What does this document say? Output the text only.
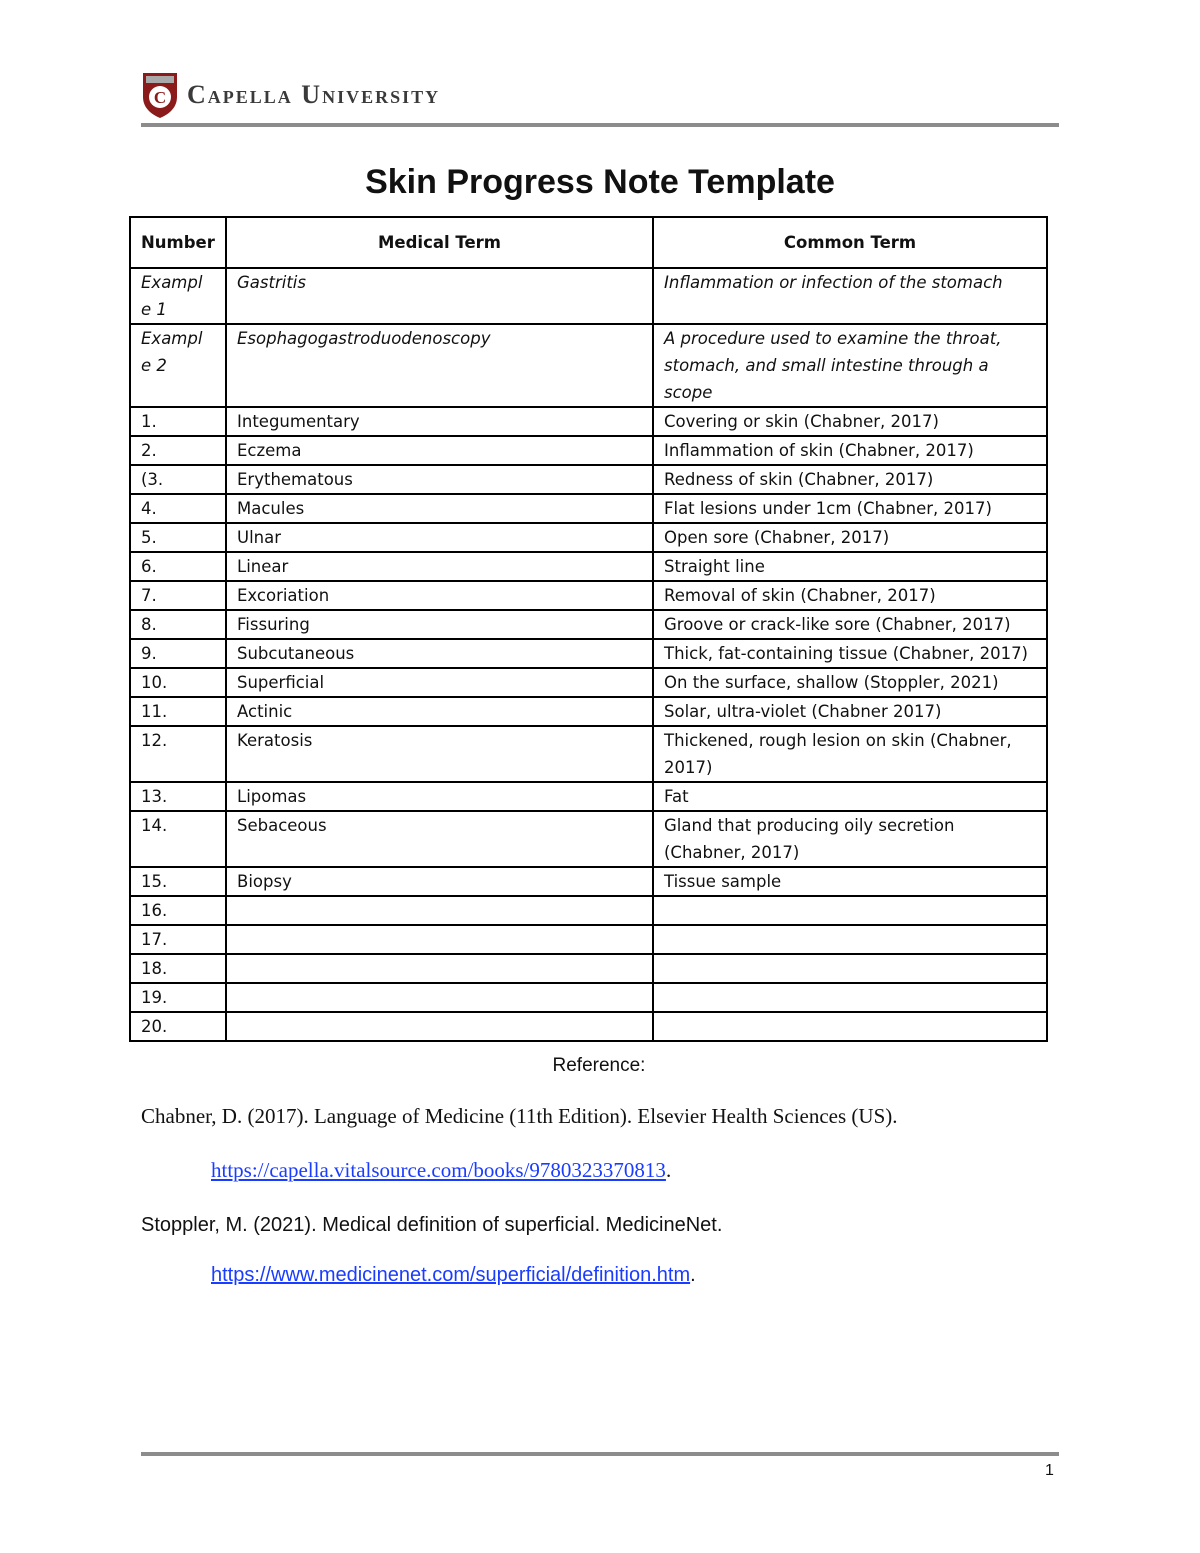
C Capella University
Skin Progress Note Template
Number	Medical Term	Common Term
Exampl e 1	Gastritis	Inflammation or infection of the stomach
Exampl e 2	Esophagogastroduodenoscopy	A procedure used to examine the throat, stomach, and small intestine through a scope
1.	Integumentary	Covering or skin (Chabner, 2017)
2.	Eczema	Inflammation of skin (Chabner, 2017)
(3.	Erythematous	Redness of skin (Chabner, 2017)
4.	Macules	Flat lesions under 1cm (Chabner, 2017)
5.	Ulnar	Open sore (Chabner, 2017)
6.	Linear	Straight line
7.	Excoriation	Removal of skin (Chabner, 2017)
8.	Fissuring	Groove or crack-like sore (Chabner, 2017)
9.	Subcutaneous	Thick, fat-containing tissue (Chabner, 2017)
10.	Superficial	On the surface, shallow (Stoppler, 2021)
11.	Actinic	Solar, ultra-violet (Chabner 2017)
12.	Keratosis	Thickened, rough lesion on skin (Chabner, 2017)
13.	Lipomas	Fat
14.	Sebaceous	Gland that producing oily secretion (Chabner, 2017)
15.	Biopsy	Tissue sample
16.		
17.		
18.		
19.		
20.		
Reference:
Chabner, D. (2017). Language of Medicine (11th Edition). Elsevier Health Sciences (US).
https://capella.vitalsource.com/books/9780323370813.
Stoppler, M. (2021). Medical definition of superficial. MedicineNet.
https://www.medicinenet.com/superficial/definition.htm.
1
